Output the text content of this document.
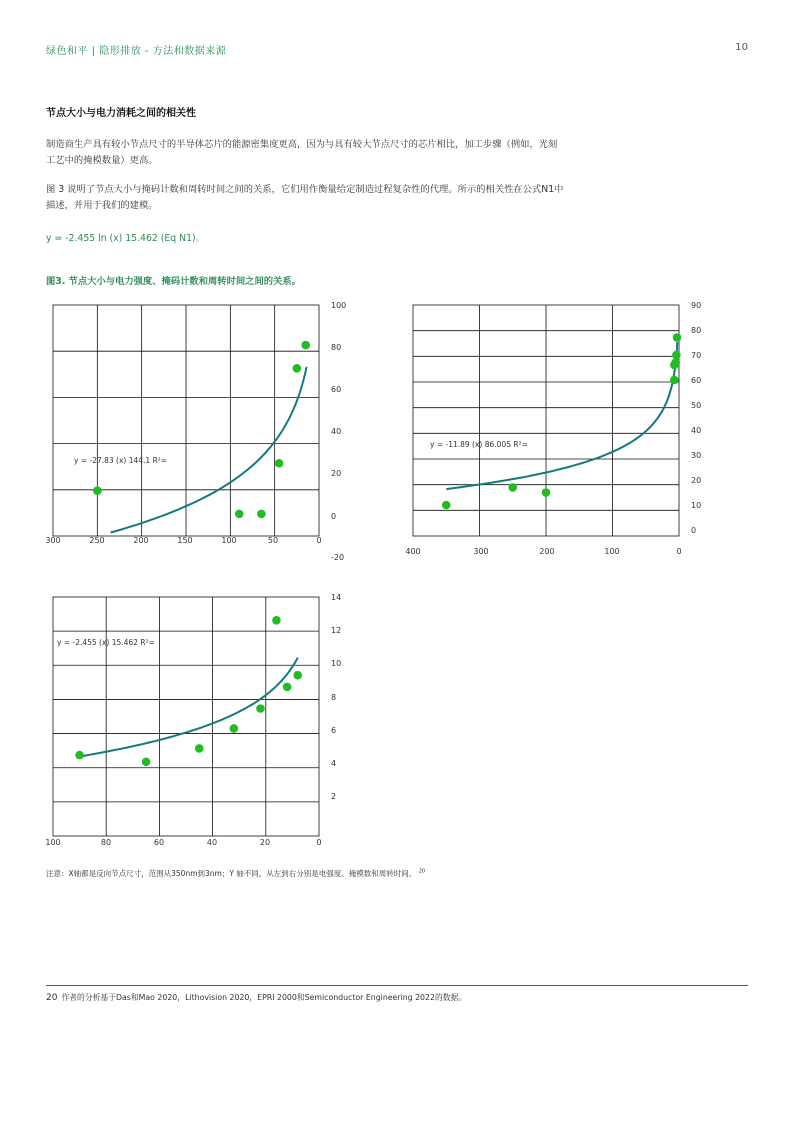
绿色和平 | 隐形排放 - 方法和数据来源	10
节点大小与电力消耗之间的相关性
制造商生产具有较小节点尺寸的半导体芯片的能源密集度更高，因为与具有较大节点尺寸的芯片相比，加工步骤（例如，光刻工艺中的掩模数量）更高。
图 3 说明了节点大小与掩码计数和周转时间之间的关系，它们用作衡量给定制造过程复杂性的代理。所示的相关性在公式N1中描述，并用于我们的建模。
y = -2.455 ln (x) 15.462 (Eq N1)。
图3. 节点大小与电力强度、掩码计数和周转时间之间的关系。
100
80
60
40
20
0
-20
300	250	200	150	100	50	0
y = -27.83 (x) 144.1 R²=
90
80
70
60
50
40
30
20
10
0
400	300	200	100	0
y = -11.89 (x) 86.005 R²=
14
12
10
8
6
4
2
100	80	60	40	20	0
y = -2.455 (x) 15.462 R²=
注意：X轴都是反向节点尺寸，范围从350nm到3nm；Y 轴不同，从左到右分别是电强度、掩模数和周转时间。 $^{20}$
20 作者的分析基于Das和Mao 2020，Lithovision 2020，EPRI 2000和Semiconductor Engineering 2022的数据。
